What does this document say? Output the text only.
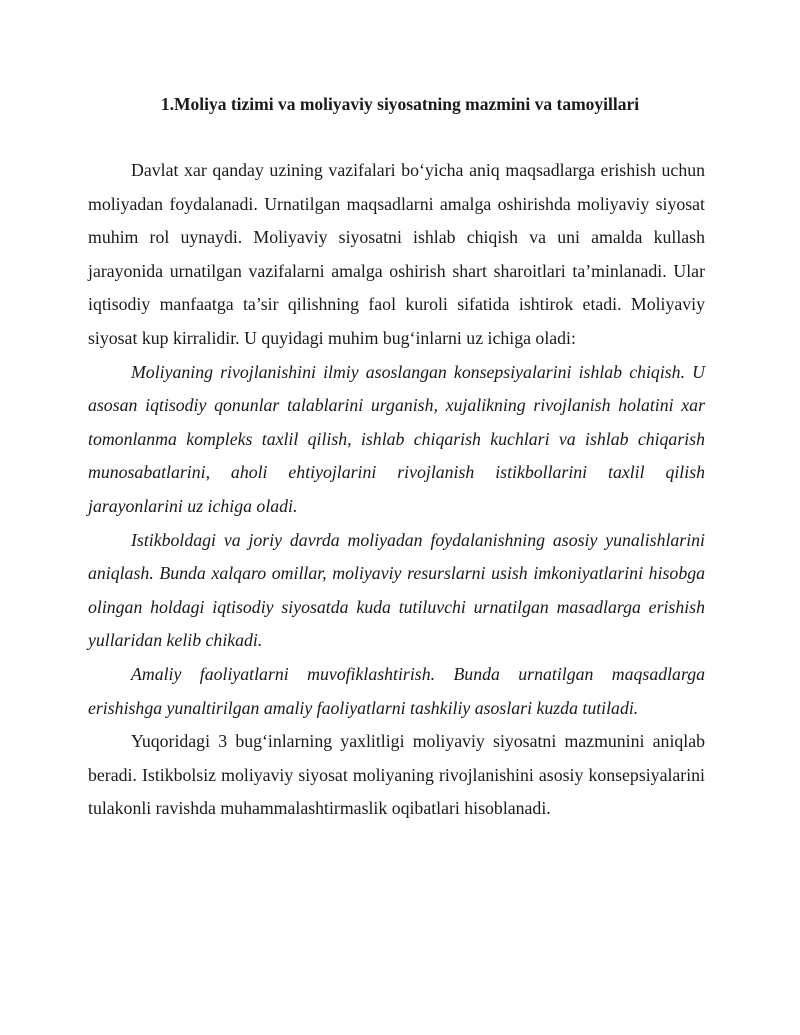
1.Moliya tizimi va moliyaviy siyosatning mazmini va tamoyillari

Davlat xar qanday uzining vazifalari bo‘yicha aniq maqsadlarga erishish uchun moliyadan foydalanadi. Urnatilgan maqsadlarni amalga oshirishda moliyaviy siyosat muhim rol uynaydi. Moliyaviy siyosatni ishlab chiqish va uni amalda kullash jarayonida urnatilgan vazifalarni amalga oshirish shart sharoitlari ta’minlanadi. Ular iqtisodiy manfaatga ta’sir qilishning faol kuroli sifatida ishtirok etadi. Moliyaviy siyosat kup kirralidir. U quyidagi muhim bug‘inlarni uz ichiga oladi:

Moliyaning rivojlanishini ilmiy asoslangan konsepsiyalarini ishlab chiqish. U asosan iqtisodiy qonunlar talablarini urganish, xujalikning rivojlanish holatini xar tomonlanma kompleks taxlil qilish, ishlab chiqarish kuchlari va ishlab chiqarish munosabatlarini, aholi ehtiyojlarini rivojlanish istikbollarini taxlil qilish jarayonlarini uz ichiga oladi.

Istikboldagi va joriy davrda moliyadan foydalanishning asosiy yunalishlarini aniqlash. Bunda xalqaro omillar, moliyaviy resurslarni usish imkoniyatlarini hisobga olingan holdagi iqtisodiy siyosatda kuda tutiluvchi urnatilgan masadlarga erishish yullaridan kelib chikadi.

Amaliy faoliyatlarni muvofiklashtirish. Bunda urnatilgan maqsadlarga erishishga yunaltirilgan amaliy faoliyatlarni tashkiliy asoslari kuzda tutiladi.

Yuqoridagi 3 bug‘inlarning yaxlitligi moliyaviy siyosatni mazmunini aniqlab beradi. Istikbolsiz moliyaviy siyosat moliyaning rivojlanishini asosiy konsepsiyalarini tulakonli ravishda muhammalashtirmaslik oqibatlari hisoblanadi.
